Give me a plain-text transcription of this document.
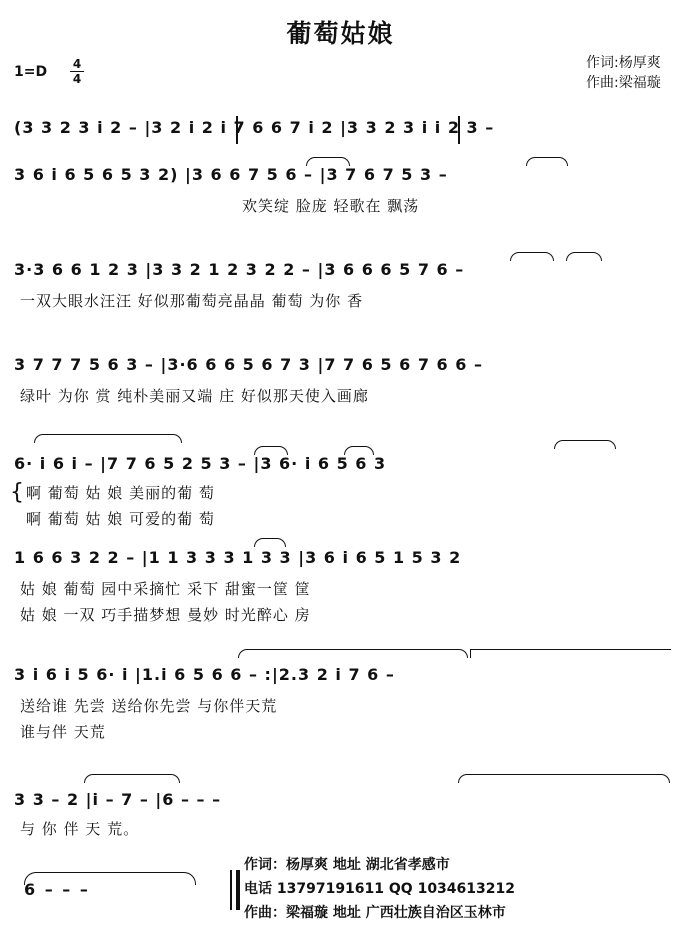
葡萄姑娘
1=D 4
4
作词:杨厚爽
作曲:梁福璇
(3 3 2 3 i 2 – |3 2 i 2 i 7 6 6 7 i 2 |3 3 2 3 i i 2 3 –
3 6 i 6 5 6 5 3 2) |3 6 6 7 5 6 – |3 7 6 7 5 3 –
欢笑绽 脸庞 轻歌在 飘荡
3·3 6 6 1 2 3 |3 3 2 1 2 3 2 2 – |3 6 6 6 5 7 6 –
一双大眼水汪汪 好似那葡萄亮晶晶 葡萄 为你 香
3 7 7 7 5 6 3 – |3·6 6 6 5 6 7 3 |7 7 6 5 6 7 6 6 –
绿叶 为你 赏 纯朴美丽又端 庄 好似那天使入画廊
6· i 6 i – |7 7 6 5 2 5 3 – |3 6· i 6 5 6 3
{ 啊 葡萄 姑 娘 美丽的葡 萄
啊 葡萄 姑 娘 可爱的葡 萄
1 6 6 3 2 2 – |1 1 3 3 3 1 3 3 |3 6 i 6 5 1 5 3 2
姑 娘 葡萄 园中采摘忙 采下 甜蜜一筐 筐
姑 娘 一双 巧手描梦想 曼妙 时光醉心 房
3 i 6 i 5 6· i |1.i 6 5 6 6 – :|2.3 2 i 7 6 –
送给谁 先尝 送给你先尝 与你伴天荒
谁与伴 天荒
3 3 – 2 |i – 7 – |6 – – –
与 你 伴 天 荒。
6 – – –
作词：杨厚爽 地址 湖北省孝感市
电话 13797191611 QQ 1034613212
作曲：梁福璇 地址 广西壮族自治区玉林市
